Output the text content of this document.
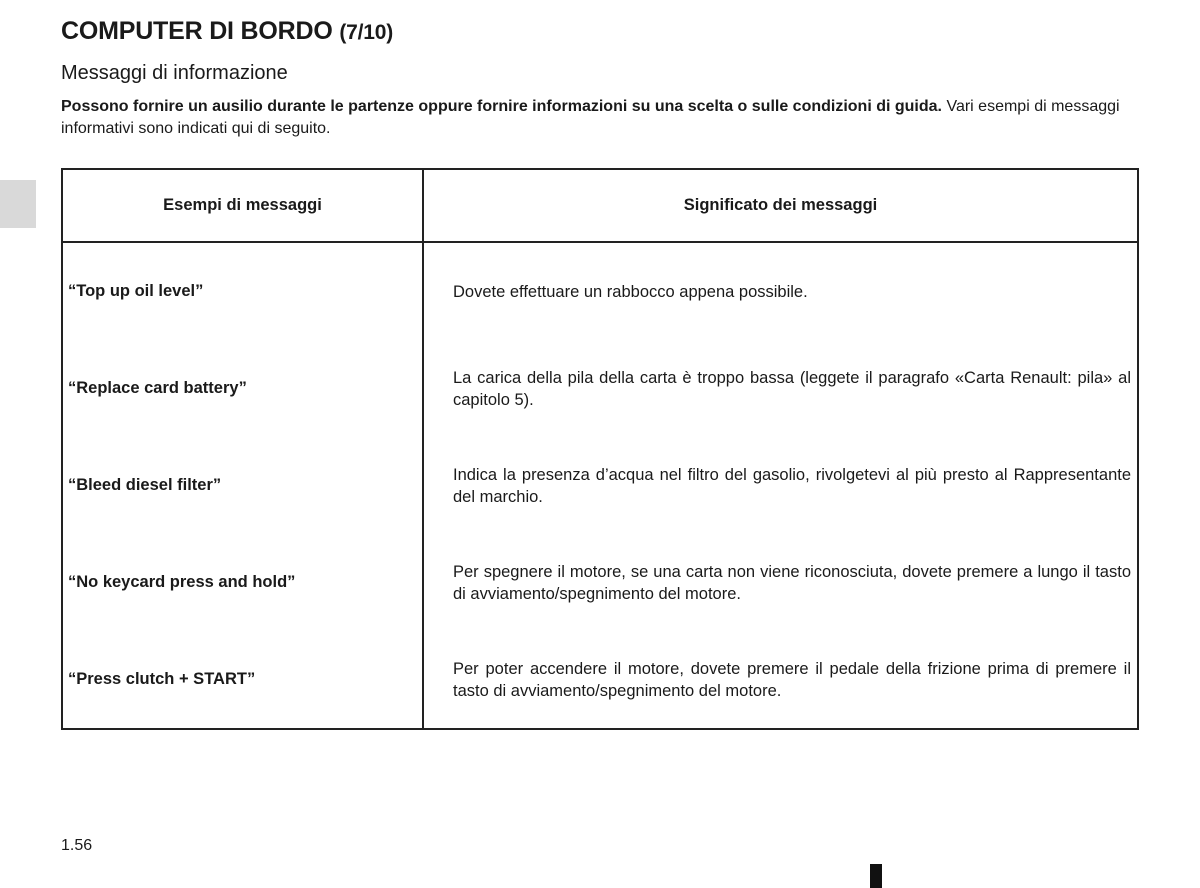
COMPUTER DI BORDO (7/10)
Messaggi di informazione

Possono fornire un ausilio durante le partenze oppure fornire informazioni su una scelta o sulle condizioni di guida. Vari esempi di messaggi informativi sono indicati qui di seguito.

Esempi di messaggi	Significato dei messaggi
“Top up oil level”	Dovete effettuare un rabbocco appena possibile.
“Replace card battery”	La carica della pila della carta è troppo bassa (leggete il paragrafo «Carta Renault: pila» al capitolo 5).
“Bleed diesel filter”	Indica la presenza d’acqua nel filtro del gasolio, rivolgetevi al più presto al Rappresentante del marchio.
“No keycard press and hold”	Per spegnere il motore, se una carta non viene riconosciuta, dovete premere a lungo il tasto di avviamento/spegnimento del motore.
“Press clutch + START”	Per poter accendere il motore, dovete premere il pedale della frizione prima di premere il tasto di avviamento/spegnimento del motore.
1.56
